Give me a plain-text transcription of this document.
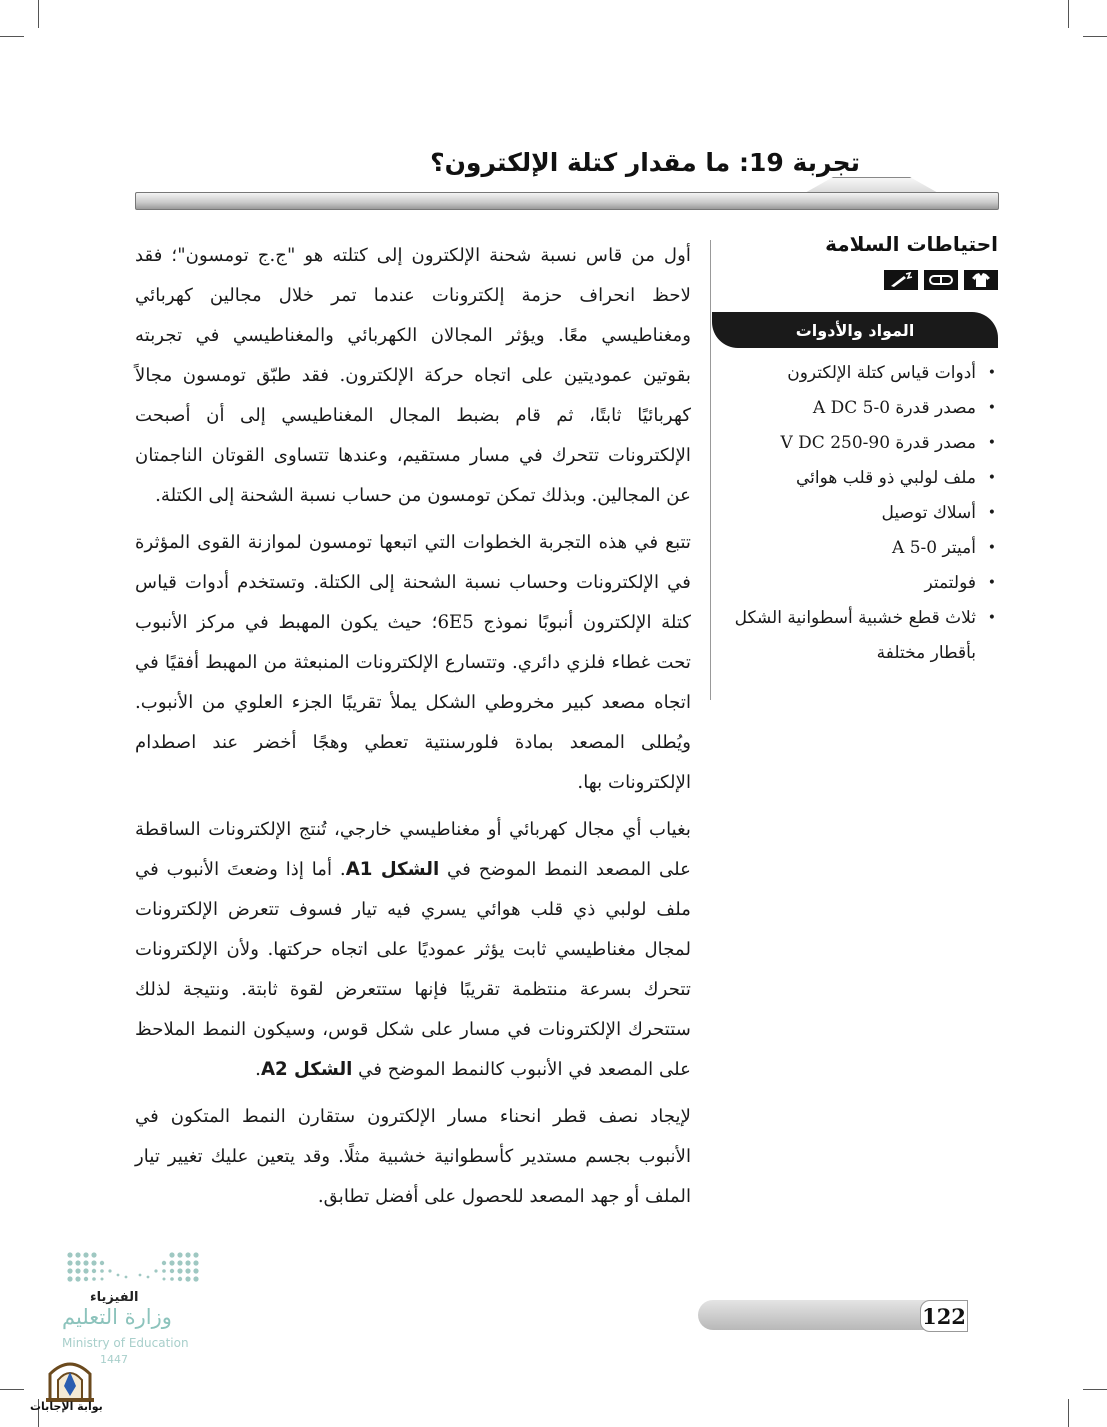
تجربة 19: ما مقدار كتلة الإلكترون؟
احتياطات السلامة
المواد والأدوات
• أدوات قياس كتلة الإلكترون
• مصدر قدرة 0-5 A DC
• مصدر قدرة 90-250 V DC
• ملف لولبي ذو قلب هوائي
• أسلاك توصيل
• أميتر 0-5 A
• فولتمتر
• ثلاث قطع خشبية أسطوانية الشكل بأقطار مختلفة

أول من قاس نسبة شحنة الإلكترون إلى كتلته هو "ج.ج تومسون"؛ فقد لاحظ انحراف حزمة إلكترونات عندما تمر خلال مجالين كهربائي ومغناطيسي معًا. ويؤثر المجالان الكهربائي والمغناطيسي في تجربته بقوتين عموديتين على اتجاه حركة الإلكترون. فقد طبّق تومسون مجالاً كهربائيًا ثابتًا، ثم قام بضبط المجال المغناطيسي إلى أن أصبحت الإلكترونات تتحرك في مسار مستقيم، وعندها تتساوى القوتان الناجمتان عن المجالين. وبذلك تمكن تومسون من حساب نسبة الشحنة إلى الكتلة.

تتبع في هذه التجربة الخطوات التي اتبعها تومسون لموازنة القوى المؤثرة في الإلكترونات وحساب نسبة الشحنة إلى الكتلة. وتستخدم أدوات قياس كتلة الإلكترون أنبوبًا نموذج 6E5؛ حيث يكون المهبط في مركز الأنبوب تحت غطاء فلزي دائري. وتتسارع الإلكترونات المنبعثة من المهبط أفقيًا في اتجاه مصعد كبير مخروطي الشكل يملأ تقريبًا الجزء العلوي من الأنبوب. ويُطلى المصعد بمادة فلورسنتية تعطي وهجًا أخضر عند اصطدام الإلكترونات بها.

بغياب أي مجال كهربائي أو مغناطيسي خارجي، تُنتج الإلكترونات الساقطة على المصعد النمط الموضح في الشكل A1. أما إذا وضعتَ الأنبوب في ملف لولبي ذي قلب هوائي يسري فيه تيار فسوف تتعرض الإلكترونات لمجال مغناطيسي ثابت يؤثر عموديًا على اتجاه حركتها. ولأن الإلكترونات تتحرك بسرعة منتظمة تقريبًا فإنها ستتعرض لقوة ثابتة. ونتيجة لذلك ستتحرك الإلكترونات في مسار على شكل قوس، وسيكون النمط الملاحظ على المصعد في الأنبوب كالنمط الموضح في الشكل A2.

لإيجاد نصف قطر انحناء مسار الإلكترون ستقارن النمط المتكون في الأنبوب بجسم مستدير كأسطوانية خشبية مثلًا. وقد يتعين عليك تغيير تيار الملف أو جهد المصعد للحصول على أفضل تطابق.

الفيزياء
وزارة التعليم
Ministry of Education
1447
بوابة الإجابات
122
